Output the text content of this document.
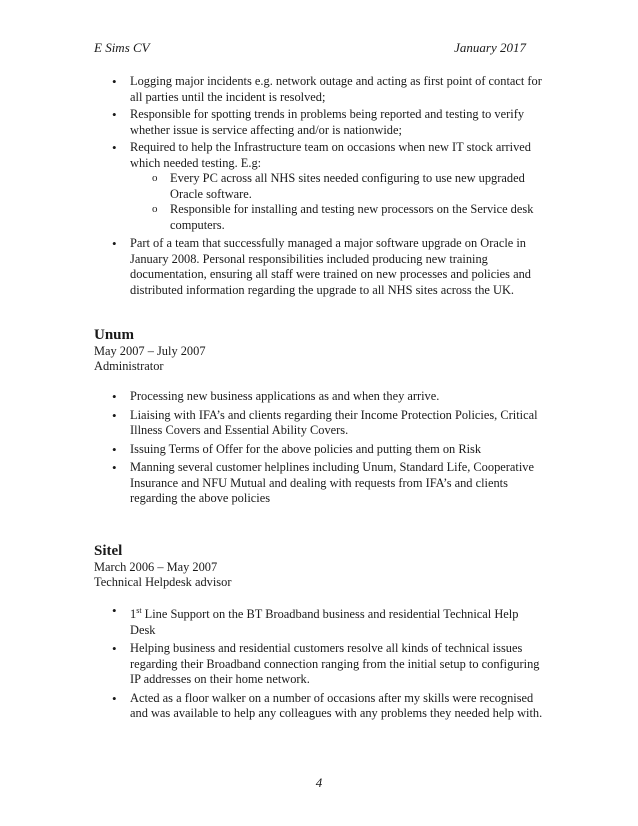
E Sims CV	January 2017
• Logging major incidents e.g. network outage and acting as first point of contact for all parties until the incident is resolved;
• Responsible for spotting trends in problems being reported and testing to verify whether issue is service affecting and/or is nationwide;
• Required to help the Infrastructure team on occasions when new IT stock arrived which needed testing. E.g:
o Every PC across all NHS sites needed configuring to use new upgraded Oracle software.
o Responsible for installing and testing new processors on the Service desk computers.
• Part of a team that successfully managed a major software upgrade on Oracle in January 2008. Personal responsibilities included producing new training documentation, ensuring all staff were trained on new processes and policies and distributed information regarding the upgrade to all NHS sites across the UK.
Unum
May 2007 – July 2007
Administrator
• Processing new business applications as and when they arrive.
• Liaising with IFA’s and clients regarding their Income Protection Policies, Critical Illness Covers and Essential Ability Covers.
• Issuing Terms of Offer for the above policies and putting them on Risk
• Manning several customer helplines including Unum, Standard Life, Cooperative Insurance and NFU Mutual and dealing with requests from IFA’s and clients regarding the above policies
Sitel
March 2006 – May 2007
Technical Helpdesk advisor
• 1st Line Support on the BT Broadband business and residential Technical Help Desk
• Helping business and residential customers resolve all kinds of technical issues regarding their Broadband connection ranging from the initial setup to configuring IP addresses on their home network.
• Acted as a floor walker on a number of occasions after my skills were recognised and was available to help any colleagues with any problems they needed help with.
4
